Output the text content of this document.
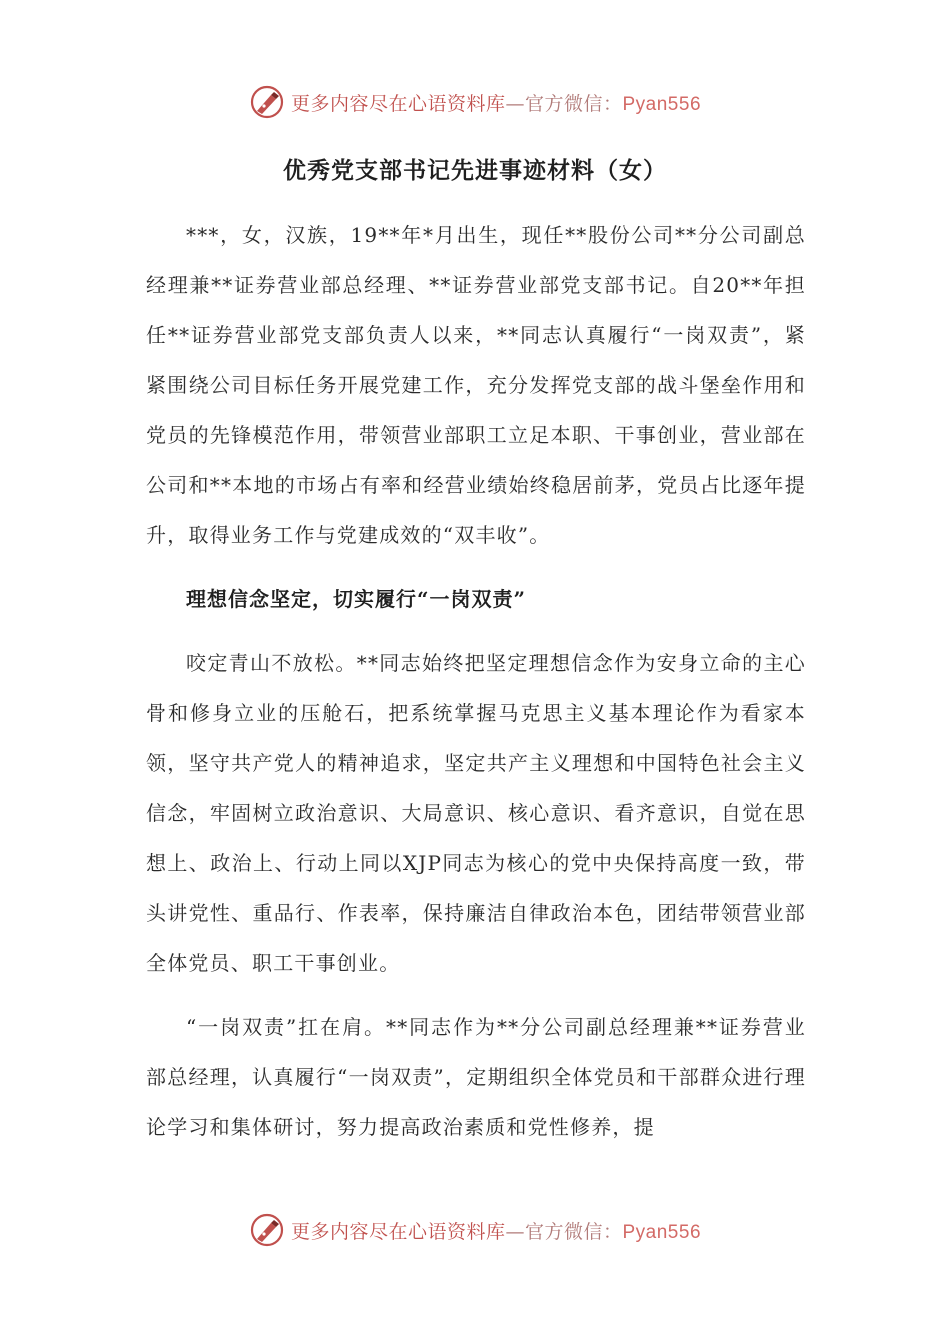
更多内容尽在心语资料库—官方微信：Pyan556
优秀党支部书记先进事迹材料（女）

***，女，汉族，19**年*月出生，现任**股份公司**分公司副总经理兼**证券营业部总经理、**证券营业部党支部书记。自20**年担任**证券营业部党支部负责人以来，**同志认真履行“一岗双责”，紧紧围绕公司目标任务开展党建工作，充分发挥党支部的战斗堡垒作用和党员的先锋模范作用，带领营业部职工立足本职、干事创业，营业部在公司和**本地的市场占有率和经营业绩始终稳居前茅，党员占比逐年提升，取得业务工作与党建成效的“双丰收”。

理想信念坚定，切实履行“一岗双责”

咬定青山不放松。**同志始终把坚定理想信念作为安身立命的主心骨和修身立业的压舱石，把系统掌握马克思主义基本理论作为看家本领，坚守共产党人的精神追求，坚定共产主义理想和中国特色社会主义信念，牢固树立政治意识、大局意识、核心意识、看齐意识，自觉在思想上、政治上、行动上同以XJP同志为核心的党中央保持高度一致，带头讲党性、重品行、作表率，保持廉洁自律政治本色，团结带领营业部全体党员、职工干事创业。

“一岗双责”扛在肩。**同志作为**分公司副总经理兼**证券营业部总经理，认真履行“一岗双责”，定期组织全体党员和干部群众进行理论学习和集体研讨，努力提高政治素质和党性修养，提

更多内容尽在心语资料库—官方微信：Pyan556
